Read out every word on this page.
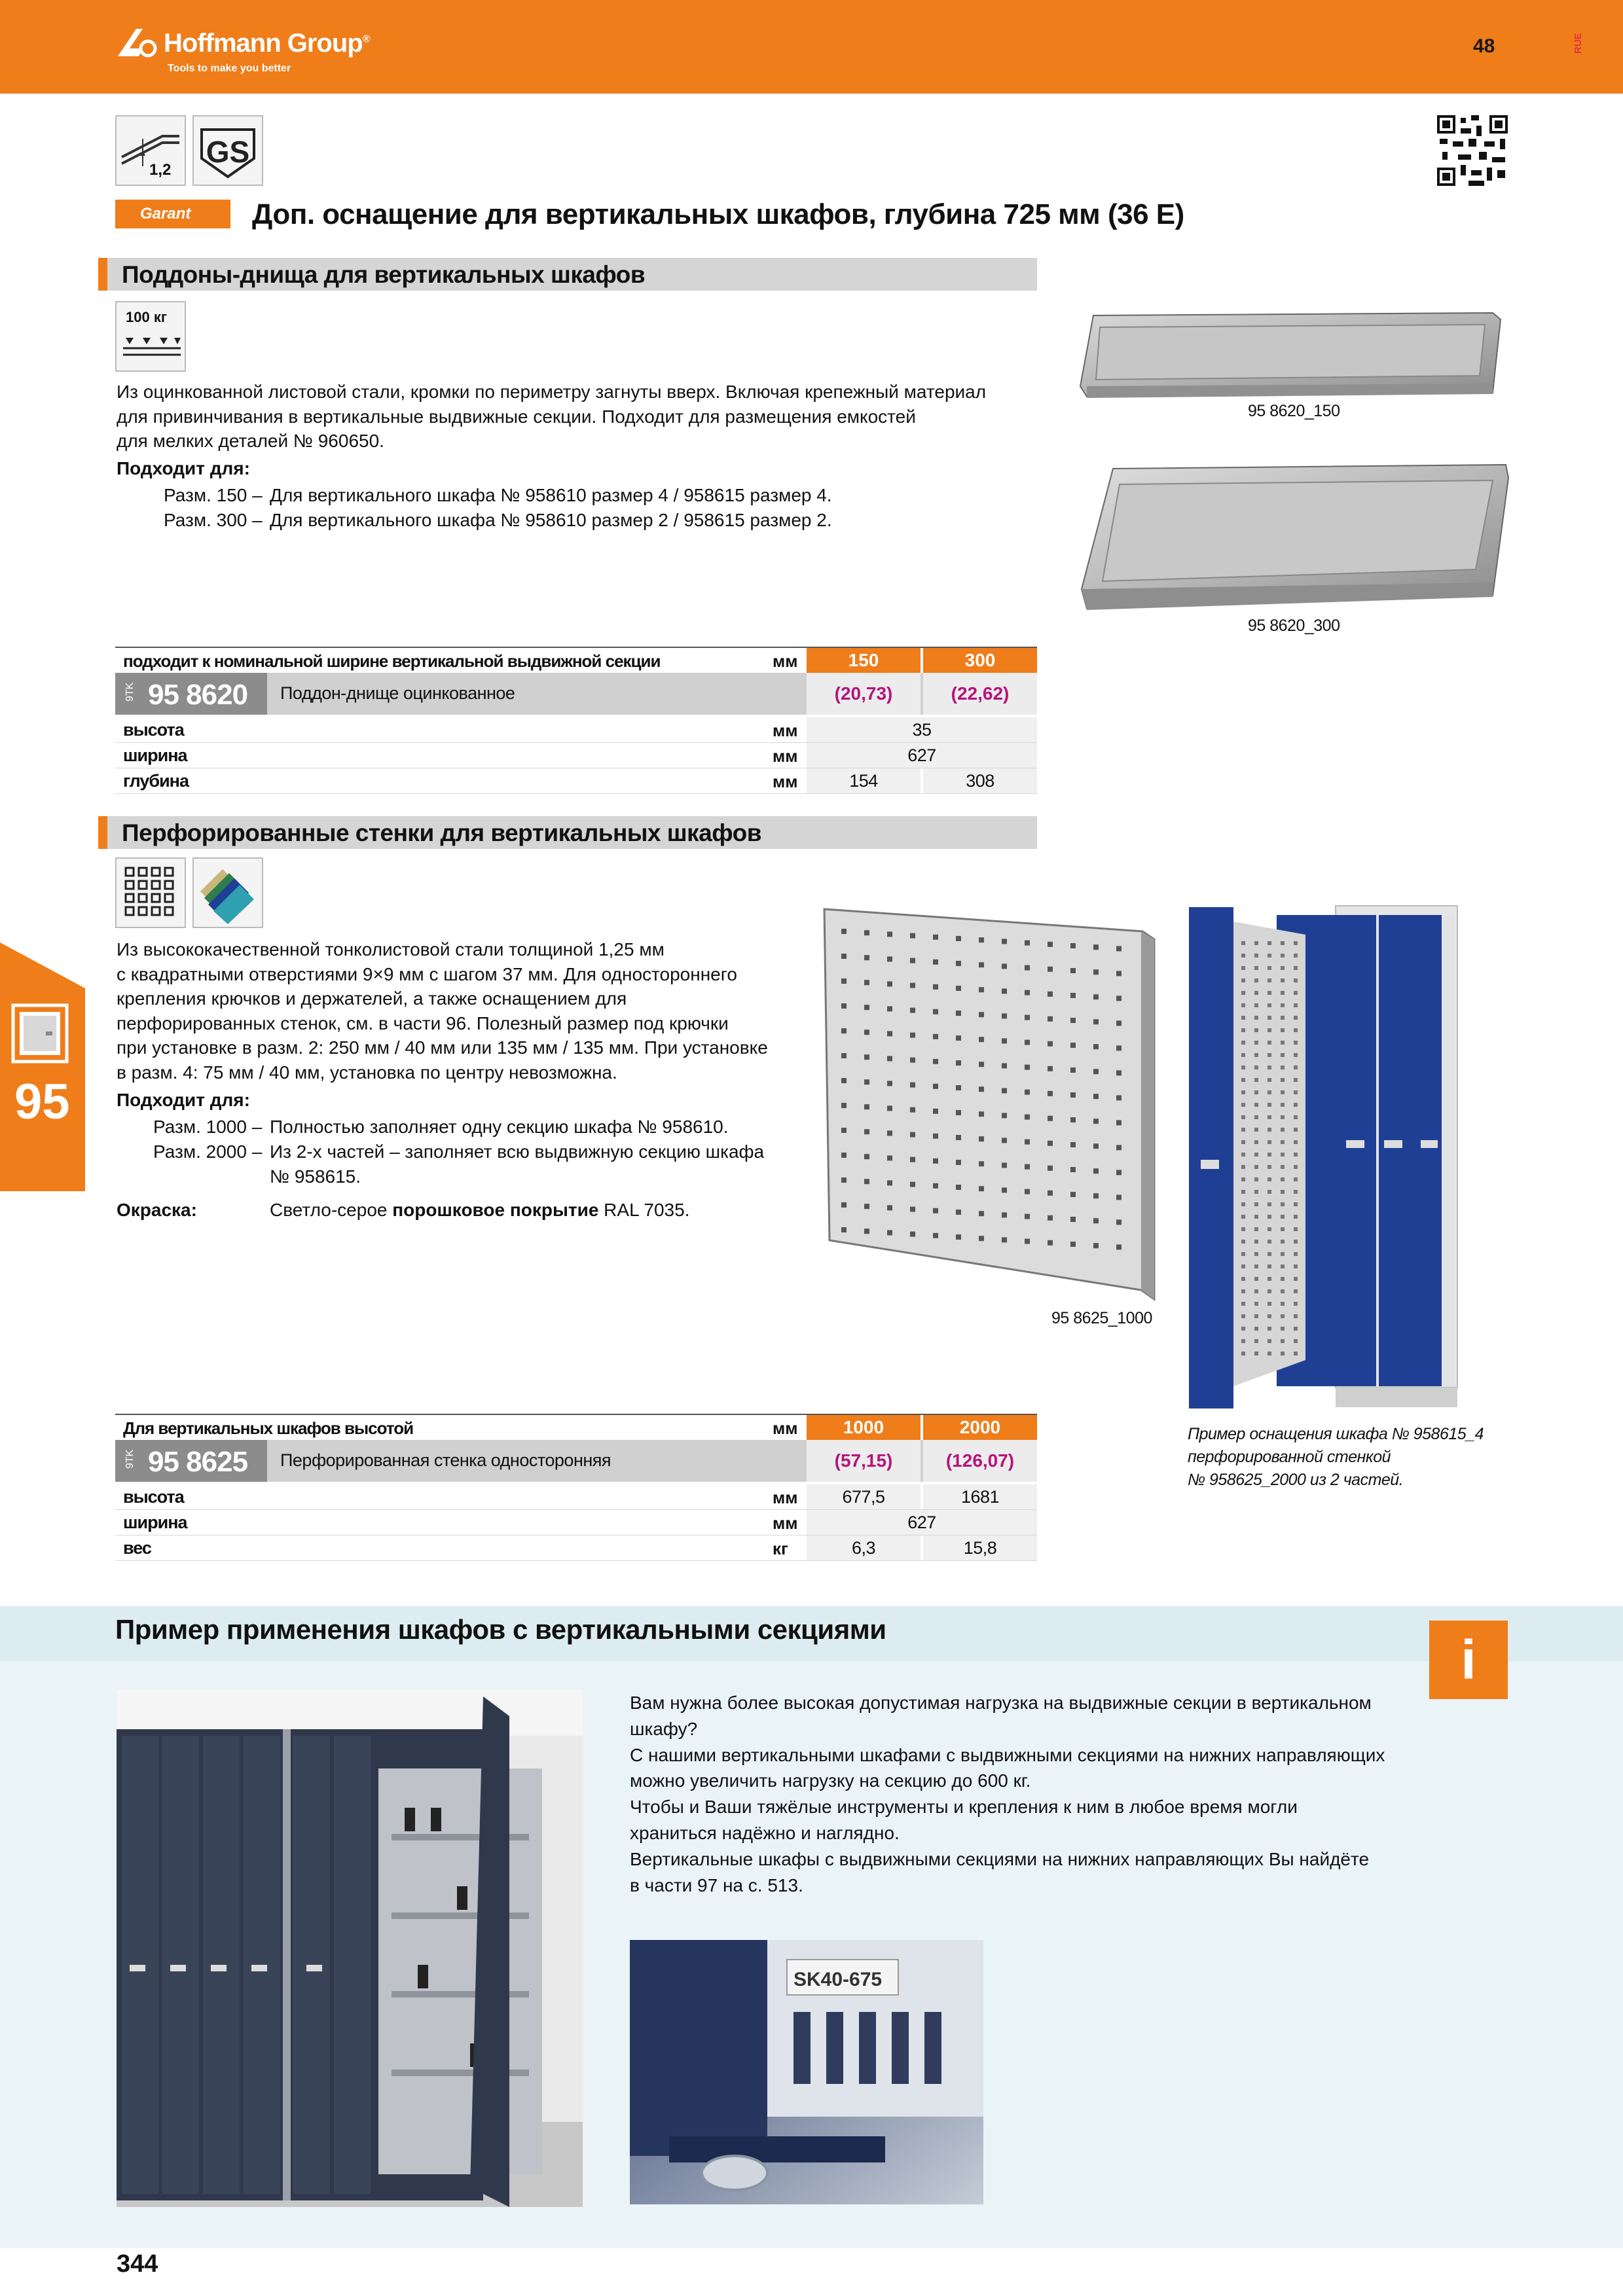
Hoffmann Group®
Tools to make you better
48	RUE
1,2
GS
Garant	Доп. оснащение для вертикальных шкафов, глубина 725 мм (36 E)
Поддоны-днища для вертикальных шкафов
100 кг
Из оцинкованной листовой стали, кромки по периметру загнуты вверх. Включая крепежный материал
для привинчивания в вертикальные выдвижные секции. Подходит для размещения емкостей
для мелких деталей № 960650.
Подходит для:
Разм. 150 – Для вертикального шкафа № 958610 размер 4 / 958615 размер 4.
Разм. 300 – Для вертикального шкафа № 958610 размер 2 / 958615 размер 2.
95 8620_150
95 8620_300
подходит к номинальной ширине вертикальной выдвижной секции	мм	150	300
9TK 95 8620 Поддон-днище оцинкованное	(20,73)	(22,62)
высота	мм	35
ширина	мм	627
глубина	мм	154	308
Перфорированные стенки для вертикальных шкафов
Из высококачественной тонколистовой стали толщиной 1,25 мм
с квадратными отверстиями 9×9 мм с шагом 37 мм. Для одностороннего
крепления крючков и держателей, а также оснащением для
перфорированных стенок, см. в части 96. Полезный размер под крючки
при установке в разм. 2: 250 мм / 40 мм или 135 мм / 135 мм. При установке
в разм. 4: 75 мм / 40 мм, установка по центру невозможна.
Подходит для:
Разм. 1000 – Полностью заполняет одну секцию шкафа № 958610.
Разм. 2000 – Из 2-х частей – заполняет всю выдвижную секцию шкафа
№ 958615.
Окраска:	Светло-серое порошковое покрытие RAL 7035.
95 8625_1000
Пример оснащения шкафа № 958615_4
перфорированной стенкой
№ 958625_2000 из 2 частей.
Для вертикальных шкафов высотой	мм	1000	2000
9TK 95 8625 Перфорированная стенка односторонняя	(57,15)	(126,07)
высота	мм	677,5	1681
ширина	мм	627
вес	кг	6,3	15,8
95
Пример применения шкафов с вертикальными секциями	i
Вам нужна более высокая допустимая нагрузка на выдвижные секции в вертикальном
шкафу?
С нашими вертикальными шкафами с выдвижными секциями на нижних направляющих
можно увеличить нагрузку на секцию до 600 кг.
Чтобы и Ваши тяжёлые инструменты и крепления к ним в любое время могли
храниться надёжно и наглядно.
Вертикальные шкафы с выдвижными секциями на нижних направляющих Вы найдёте
в части 97 на с. 513.
SK40-675
344
